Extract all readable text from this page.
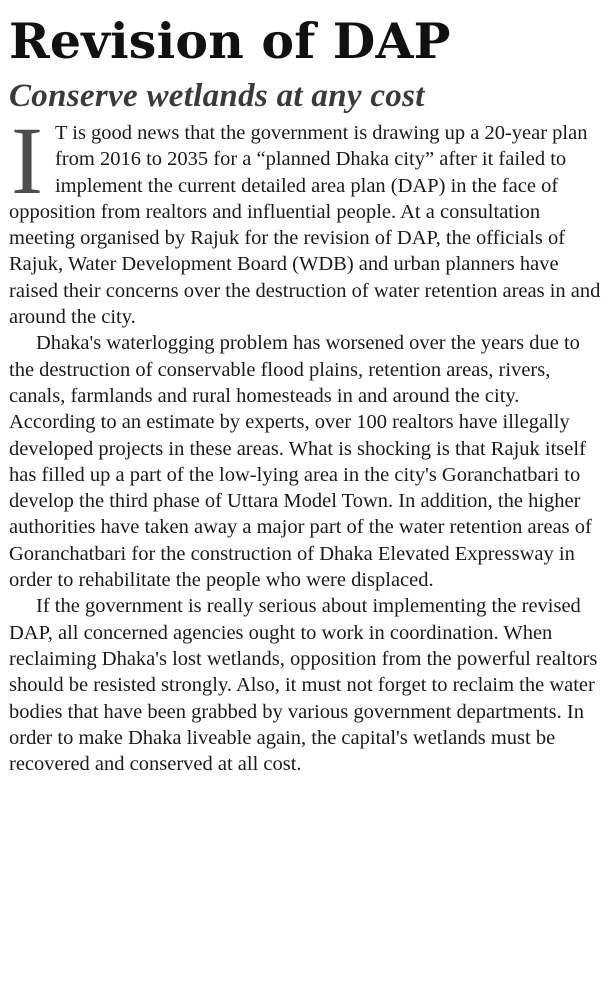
Revision of DAP
Conserve wetlands at any cost

I T is good news that the government is drawing up a 20-year plan from 2016 to 2035 for a “planned Dhaka city” after it failed to implement the current detailed area plan (DAP) in the face of opposition from realtors and influential people. At a consultation meeting organised by Rajuk for the revision of DAP, the officials of Rajuk, Water Development Board (WDB) and urban planners have raised their concerns over the destruction of water retention areas in and around the city.

Dhaka's waterlogging problem has worsened over the years due to the destruction of conservable flood plains, retention areas, rivers, canals, farmlands and rural homesteads in and around the city. According to an estimate by experts, over 100 realtors have illegally developed projects in these areas. What is shocking is that Rajuk itself has filled up a part of the low-lying area in the city's Goranchatbari to develop the third phase of Uttara Model Town. In addition, the higher authorities have taken away a major part of the water retention areas of Goranchatbari for the construction of Dhaka Elevated Expressway in order to rehabilitate the people who were displaced.

If the government is really serious about implementing the revised DAP, all concerned agencies ought to work in coordination. When reclaiming Dhaka's lost wetlands, opposition from the powerful realtors should be resisted strongly. Also, it must not forget to reclaim the water bodies that have been grabbed by various government departments. In order to make Dhaka liveable again, the capital's wetlands must be recovered and conserved at all cost.
